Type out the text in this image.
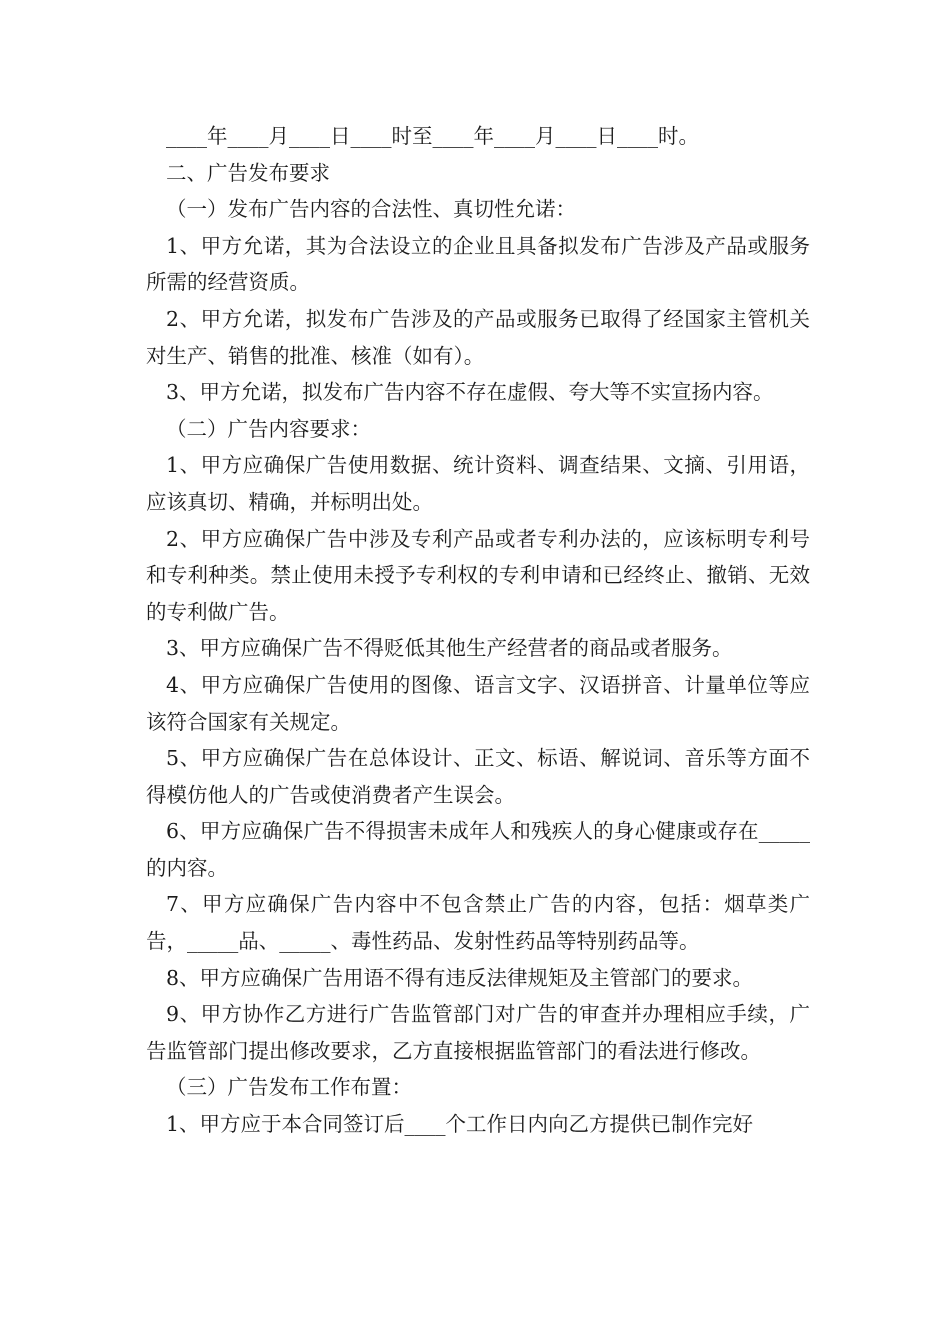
____年____月____日____时至____年____月____日____时。

二、广告发布要求

（一）发布广告内容的合法性、真切性允诺：

1、甲方允诺，其为合法设立的企业且具备拟发布广告涉及产品或服务所需的经营资质。

2、甲方允诺，拟发布广告涉及的产品或服务已取得了经国家主管机关对生产、销售的批准、核准（如有）。

3、甲方允诺，拟发布广告内容不存在虚假、夸大等不实宣扬内容。

（二）广告内容要求：

1、甲方应确保广告使用数据、统计资料、调查结果、文摘、引用语，应该真切、精确，并标明出处。

2、甲方应确保广告中涉及专利产品或者专利办法的，应该标明专利号和专利种类。禁止使用未授予专利权的专利申请和已经终止、撤销、无效的专利做广告。

3、甲方应确保广告不得贬低其他生产经营者的商品或者服务。

4、甲方应确保广告使用的图像、语言文字、汉语拼音、计量单位等应该符合国家有关规定。

5、甲方应确保广告在总体设计、正文、标语、解说词、音乐等方面不得模仿他人的广告或使消费者产生误会。

6、甲方应确保广告不得损害未成年人和残疾人的身心健康或存在_____的内容。

7、甲方应确保广告内容中不包含禁止广告的内容，包括：烟草类广告，_____品、_____、毒性药品、发射性药品等特别药品等。

8、甲方应确保广告用语不得有违反法律规矩及主管部门的要求。

9、甲方协作乙方进行广告监管部门对广告的审查并办理相应手续，广告监管部门提出修改要求，乙方直接根据监管部门的看法进行修改。

（三）广告发布工作布置：

1、甲方应于本合同签订后____个工作日内向乙方提供已制作完好
